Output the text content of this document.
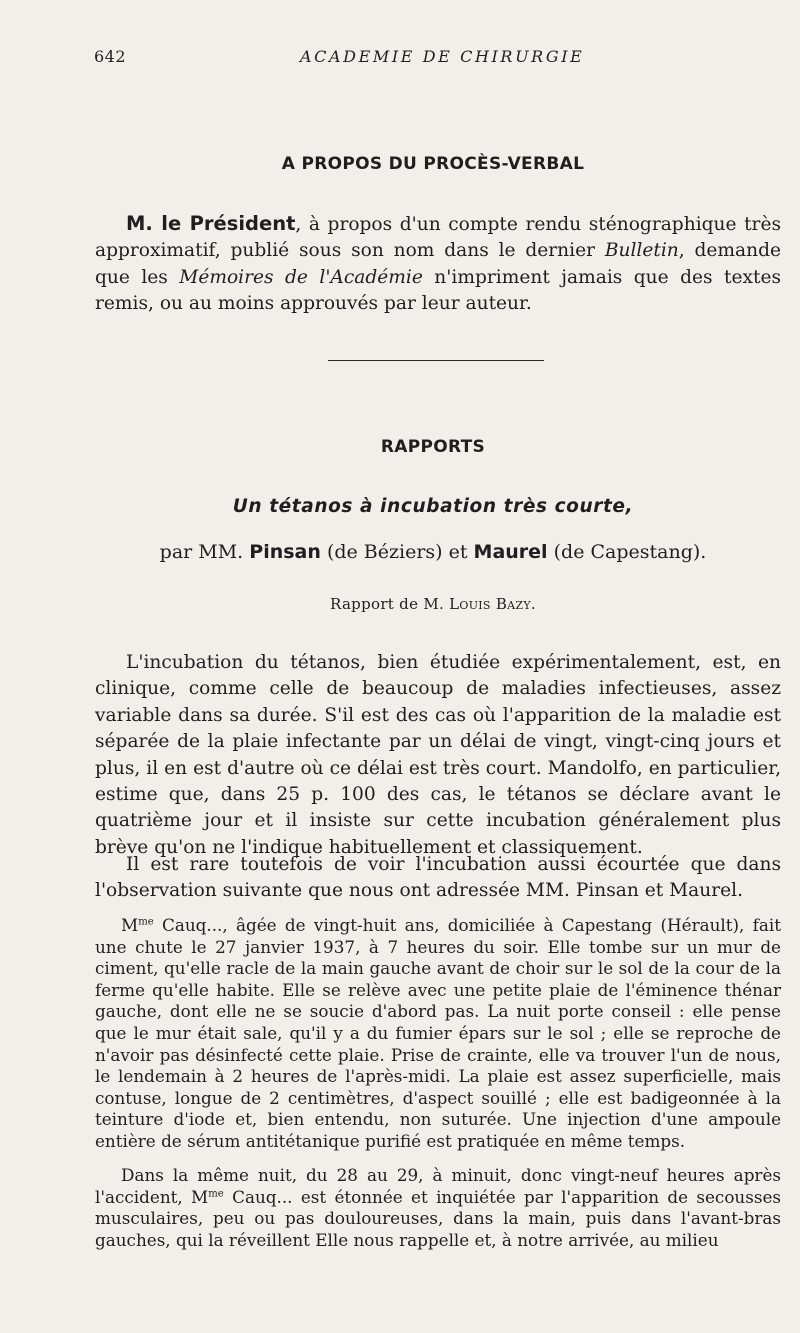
642	ACADEMIE DE CHIRURGIE
A PROPOS DU PROCÈS-VERBAL
M. le Président, à propos d'un compte rendu sténographique très approximatif, publié sous son nom dans le dernier Bulletin, demande que les Mémoires de l'Académie n'impriment jamais que des textes remis, ou au moins approuvés par leur auteur.
RAPPORTS
Un tétanos à incubation très courte,
par MM. Pinsan (de Béziers) et Maurel (de Capestang).
Rapport de M. Louis Bazy.
L'incubation du tétanos, bien étudiée expérimentalement, est, en clinique, comme celle de beaucoup de maladies infectieuses, assez variable dans sa durée. S'il est des cas où l'apparition de la maladie est séparée de la plaie infectante par un délai de vingt, vingt-cinq jours et plus, il en est d'autre où ce délai est très court. Mandolfo, en particulier, estime que, dans 25 p. 100 des cas, le tétanos se déclare avant le quatrième jour et il insiste sur cette incubation généralement plus brève qu'on ne l'indique habituellement et classiquement.
Il est rare toutefois de voir l'incubation aussi écourtée que dans l'observation suivante que nous ont adressée MM. Pinsan et Maurel.
$M^{me}$ Cauq..., âgée de vingt-huit ans, domiciliée à Capestang (Hérault), fait une chute le 27 janvier 1937, à 7 heures du soir. Elle tombe sur un mur de ciment, qu'elle racle de la main gauche avant de choir sur le sol de la cour de la ferme qu'elle habite. Elle se relève avec une petite plaie de l'éminence thénar gauche, dont elle ne se soucie d'abord pas. La nuit porte conseil : elle pense que le mur était sale, qu'il y a du fumier épars sur le sol ; elle se reproche de n'avoir pas désinfecté cette plaie. Prise de crainte, elle va trouver l'un de nous, le lendemain à 2 heures de l'après-midi. La plaie est assez superficielle, mais contuse, longue de 2 centimètres, d'aspect souillé ; elle est badigeonnée à la teinture d'iode et, bien entendu, non suturée. Une injection d'une ampoule entière de sérum antitétanique purifié est pratiquée en même temps.
Dans la même nuit, du 28 au 29, à minuit, donc vingt-neuf heures après l'accident, $M^{me}$ Cauq... est étonnée et inquiétée par l'apparition de secousses musculaires, peu ou pas douloureuses, dans la main, puis dans l'avant-bras gauches, qui la réveillent Elle nous rappelle et, à notre arrivée, au milieu
